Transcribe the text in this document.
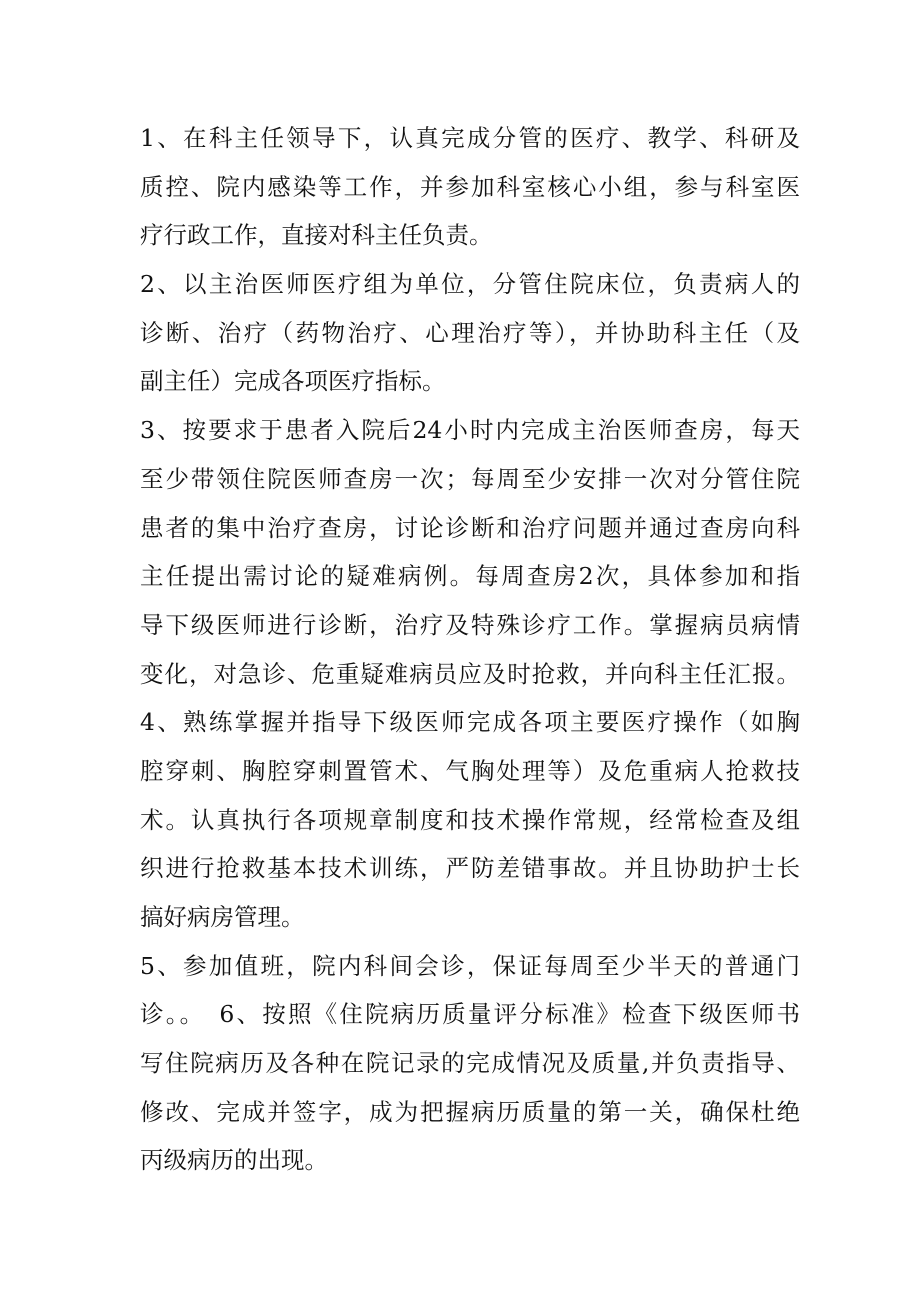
1、在科主任领导下，认真完成分管的医疗、教学、科研及
质控、院内感染等工作，并参加科室核心小组，参与科室医
疗行政工作，直接对科主任负责。
2、以主治医师医疗组为单位，分管住院床位，负责病人的
诊断、治疗（药物治疗、心理治疗等），并协助科主任（及
副主任）完成各项医疗指标。
3、按要求于患者入院后24小时内完成主治医师查房，每天
至少带领住院医师查房一次；每周至少安排一次对分管住院
患者的集中治疗查房，讨论诊断和治疗问题并通过查房向科
主任提出需讨论的疑难病例。每周查房2次，具体参加和指
导下级医师进行诊断，治疗及特殊诊疗工作。掌握病员病情
变化，对急诊、危重疑难病员应及时抢救，并向科主任汇报。
4、熟练掌握并指导下级医师完成各项主要医疗操作（如胸
腔穿刺、胸腔穿刺置管术、气胸处理等）及危重病人抢救技
术。认真执行各项规章制度和技术操作常规，经常检查及组
织进行抢救基本技术训练，严防差错事故。并且协助护士长
搞好病房管理。
5、参加值班，院内科间会诊，保证每周至少半天的普通门
诊。。　6、按照《住院病历质量评分标准》检查下级医师书
写住院病历及各种在院记录的完成情况及质量,并负责指导、
修改、完成并签字，成为把握病历质量的第一关，确保杜绝
丙级病历的出现。
